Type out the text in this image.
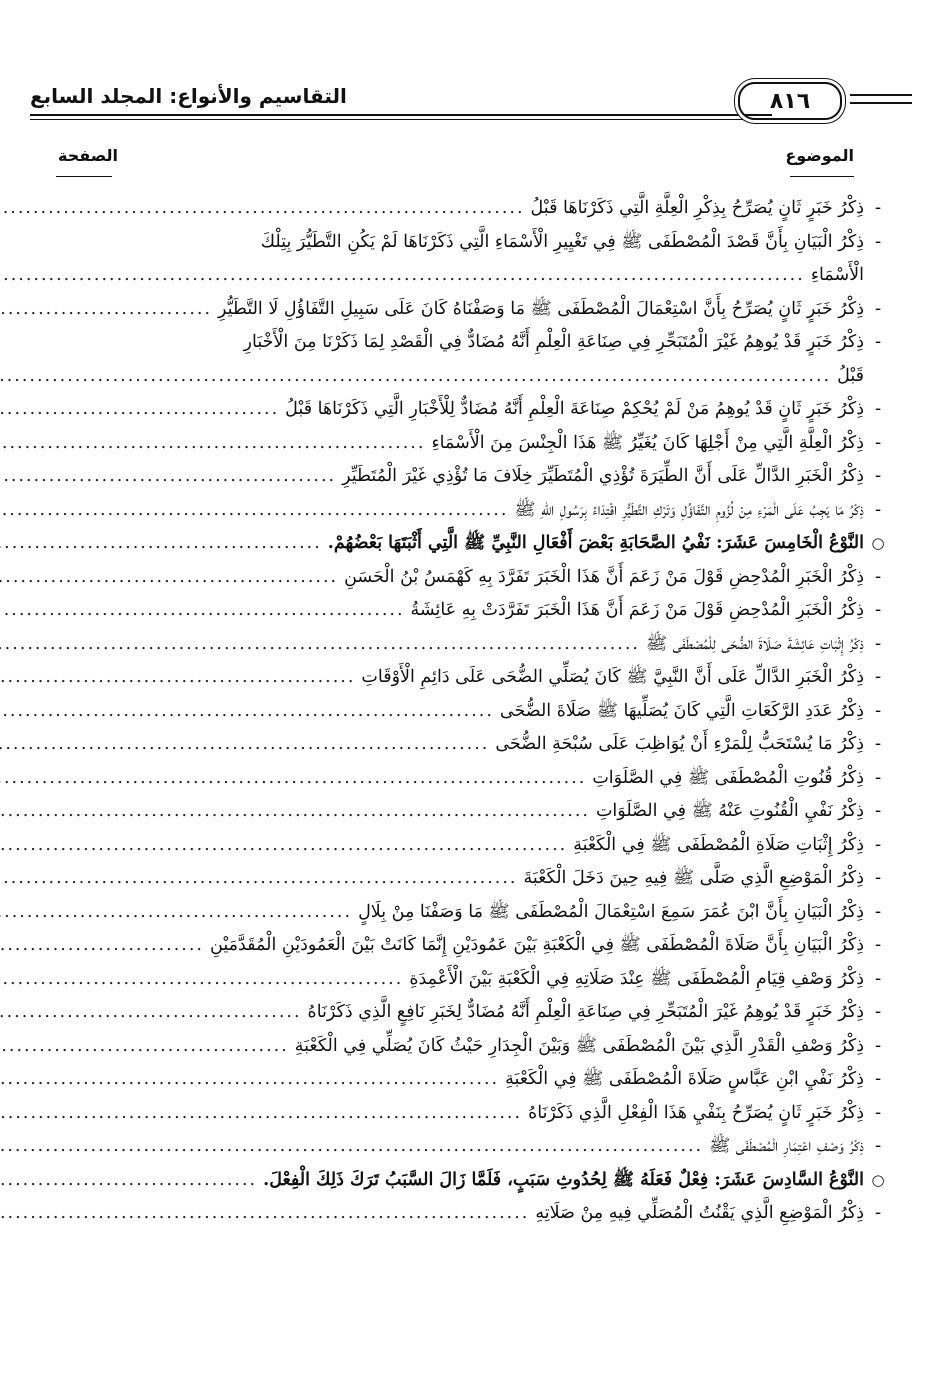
التقاسيم والأنواع: المجلد السابع	٨١٦
الموضوع
الصفحة
-
ذِكْرُ خَبَرٍ ثَانٍ يُصَرِّحُ بِذِكْرِ الْعِلَّةِ الَّتِي ذَكَرْنَاهَا قَبْلُ
.....
-
ذِكْرُ الْبَيَانِ بِأَنَّ قَصْدَ الْمُصْطَفَى ﷺ فِي تَغْيِيرِ الْأَسْمَاءِ الَّتِي ذَكَرْنَاهَا لَمْ يَكُنِ التَّطَيُّرَ بِتِلْكَ
الْأَسْمَاءِ
.....
-
ذِكْرُ خَبَرٍ ثَانٍ يُصَرِّحُ بِأَنَّ اسْتِعْمَالَ الْمُصْطَفَى ﷺ مَا وَصَفْنَاهُ كَانَ عَلَى سَبِيلِ التَّفَاؤُلِ لَا التَّطَيُّرِ
.....
-
ذِكْرُ خَبَرٍ قَدْ يُوهِمُ غَيْرَ الْمُتَبَحِّرِ فِي صِنَاعَةِ الْعِلْمِ أَنَّهُ مُضَادٌّ فِي الْقَصْدِ لِمَا ذَكَرْنَا مِنَ الْأَخْبَارِ
قَبْلُ
.....
-
ذِكْرُ خَبَرٍ ثَانٍ قَدْ يُوهِمُ مَنْ لَمْ يُحْكِمْ صِنَاعَةَ الْعِلْمِ أَنَّهُ مُضَادٌّ لِلْأَخْبَارِ الَّتِي ذَكَرْنَاهَا قَبْلُ
.....
-
ذِكْرُ الْعِلَّةِ الَّتِي مِنْ أَجْلِهَا كَانَ يُغَيِّرُ ﷺ هَذَا الْجِنْسَ مِنَ الْأَسْمَاءِ
.....
-
ذِكْرُ الْخَبَرِ الدَّالِّ عَلَى أَنَّ الطِّيَرَةَ تُؤْذِي الْمُتَطَيِّرَ خِلَافَ مَا تُؤْذِي غَيْرَ الْمُتَطَيِّرِ
.....
-
ذِكْرُ مَا يَجِبُ عَلَى الْمَرْءِ مِنْ لُزُومِ التَّفَاؤُلِ وَتَرْكِ التَّطَيُّرِ اقْتِدَاءً بِرَسُولِ اللهِ ﷺ
.....
○
النَّوْعُ الْخَامِسَ عَشَرَ: نَفْيُ الصَّحَابَةِ بَعْضَ أَفْعَالِ النَّبِيِّ ﷺ الَّتِي أَثْبَتَهَا بَعْضُهُمْ.
.....
-
ذِكْرُ الْخَبَرِ الْمُدْحِضِ قَوْلَ مَنْ زَعَمَ أَنَّ هَذَا الْخَبَرَ تَفَرَّدَ بِهِ كَهْمَسُ بْنُ الْحَسَنِ
.....
-
ذِكْرُ الْخَبَرِ الْمُدْحِضِ قَوْلَ مَنْ زَعَمَ أَنَّ هَذَا الْخَبَرَ تَفَرَّدَتْ بِهِ عَائِشَةُ
.....
-
ذِكْرُ إِثْبَاتِ عَائِشَةَ صَلَاةَ الضُّحَى لِلْمُصْطَفَى ﷺ
.....
-
ذِكْرُ الْخَبَرِ الدَّالِّ عَلَى أَنَّ النَّبِيَّ ﷺ كَانَ يُصَلِّي الضُّحَى عَلَى دَائِمِ الْأَوْقَاتِ
.....
-
ذِكْرُ عَدَدِ الرَّكَعَاتِ الَّتِي كَانَ يُصَلِّيهَا ﷺ صَلَاةَ الضُّحَى
.....
-
ذِكْرُ مَا يُسْتَحَبُّ لِلْمَرْءِ أَنْ يُوَاظِبَ عَلَى سُبْحَةِ الضُّحَى
.....
-
ذِكْرُ قُنُوتِ الْمُصْطَفَى ﷺ فِي الصَّلَوَاتِ
.....
-
ذِكْرُ نَفْيِ الْقُنُوتِ عَنْهُ ﷺ فِي الصَّلَوَاتِ
.....
-
ذِكْرُ إِثْبَاتِ صَلَاةِ الْمُصْطَفَى ﷺ فِي الْكَعْبَةِ
.....
-
ذِكْرُ الْمَوْضِعِ الَّذِي صَلَّى ﷺ فِيهِ حِينَ دَخَلَ الْكَعْبَةَ
.....
-
ذِكْرُ الْبَيَانِ بِأَنَّ ابْنَ عُمَرَ سَمِعَ اسْتِعْمَالَ الْمُصْطَفَى ﷺ مَا وَصَفْنَا مِنْ بِلَالٍ
.....
-
ذِكْرُ الْبَيَانِ بِأَنَّ صَلَاةَ الْمُصْطَفَى ﷺ فِي الْكَعْبَةِ بَيْنَ عَمُودَيْنِ إِنَّمَا كَانَتْ بَيْنَ الْعَمُودَيْنِ الْمُقَدَّمَيْنِ
.....
-
ذِكْرُ وَصْفِ قِيَامِ الْمُصْطَفَى ﷺ عِنْدَ صَلَاتِهِ فِي الْكَعْبَةِ بَيْنَ الْأَعْمِدَةِ
.....
-
ذِكْرُ خَبَرٍ قَدْ يُوهِمُ غَيْرَ الْمُتَبَحِّرِ فِي صِنَاعَةِ الْعِلْمِ أَنَّهُ مُضَادٌّ لِخَبَرِ نَافِعٍ الَّذِي ذَكَرْنَاهُ
.....
-
ذِكْرُ وَصْفِ الْقَدْرِ الَّذِي بَيْنَ الْمُصْطَفَى ﷺ وَبَيْنَ الْجِدَارِ حَيْثُ كَانَ يُصَلِّي فِي الْكَعْبَةِ
.....
-
ذِكْرُ نَفْيِ ابْنِ عَبَّاسٍ صَلَاةَ الْمُصْطَفَى ﷺ فِي الْكَعْبَةِ
.....
-
ذِكْرُ خَبَرٍ ثَانٍ يُصَرِّحُ بِنَفْيِ هَذَا الْفِعْلِ الَّذِي ذَكَرْنَاهُ
.....
-
ذِكْرُ وَصْفِ اعْتِمَارِ الْمُصْطَفَى ﷺ
.....
○
النَّوْعُ السَّادِسَ عَشَرَ: فِعْلٌ فَعَلَهُ ﷺ لِحُدُوثِ سَبَبٍ، فَلَمَّا زَالَ السَّبَبُ تَرَكَ ذَلِكَ الْفِعْلَ.
.....
-
ذِكْرُ الْمَوْضِعِ الَّذِي يَقْنُتُ الْمُصَلِّي فِيهِ مِنْ صَلَاتِهِ
.....
